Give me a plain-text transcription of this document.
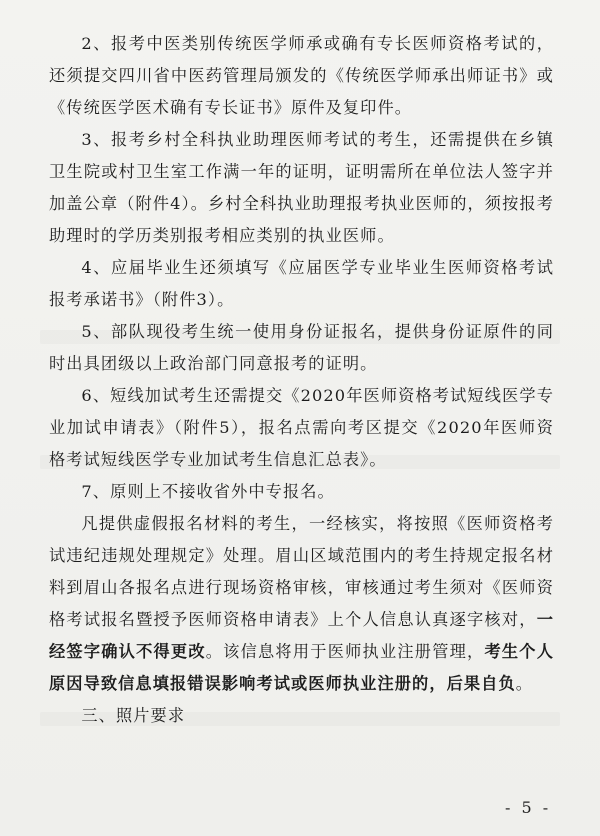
2、报考中医类别传统医学师承或确有专长医师资格考试的，还须提交四川省中医药管理局颁发的《传统医学师承出师证书》或《传统医学医术确有专长证书》原件及复印件。

3、报考乡村全科执业助理医师考试的考生，还需提供在乡镇卫生院或村卫生室工作满一年的证明，证明需所在单位法人签字并加盖公章（附件4）。乡村全科执业助理报考执业医师的，须按报考助理时的学历类别报考相应类别的执业医师。

4、应届毕业生还须填写《应届医学专业毕业生医师资格考试报考承诺书》（附件3）。

5、部队现役考生统一使用身份证报名，提供身份证原件的同时出具团级以上政治部门同意报考的证明。

6、短线加试考生还需提交《2020年医师资格考试短线医学专业加试申请表》（附件5），报名点需向考区提交《2020年医师资格考试短线医学专业加试考生信息汇总表》。

7、原则上不接收省外中专报名。

凡提供虚假报名材料的考生，一经核实，将按照《医师资格考试违纪违规处理规定》处理。眉山区域范围内的考生持规定报名材料到眉山各报名点进行现场资格审核，审核通过考生须对《医师资格考试报名暨授予医师资格申请表》上个人信息认真逐字核对，一经签字确认不得更改。该信息将用于医师执业注册管理，考生个人原因导致信息填报错误影响考试或医师执业注册的，后果自负。

三、照片要求

- 5 -
